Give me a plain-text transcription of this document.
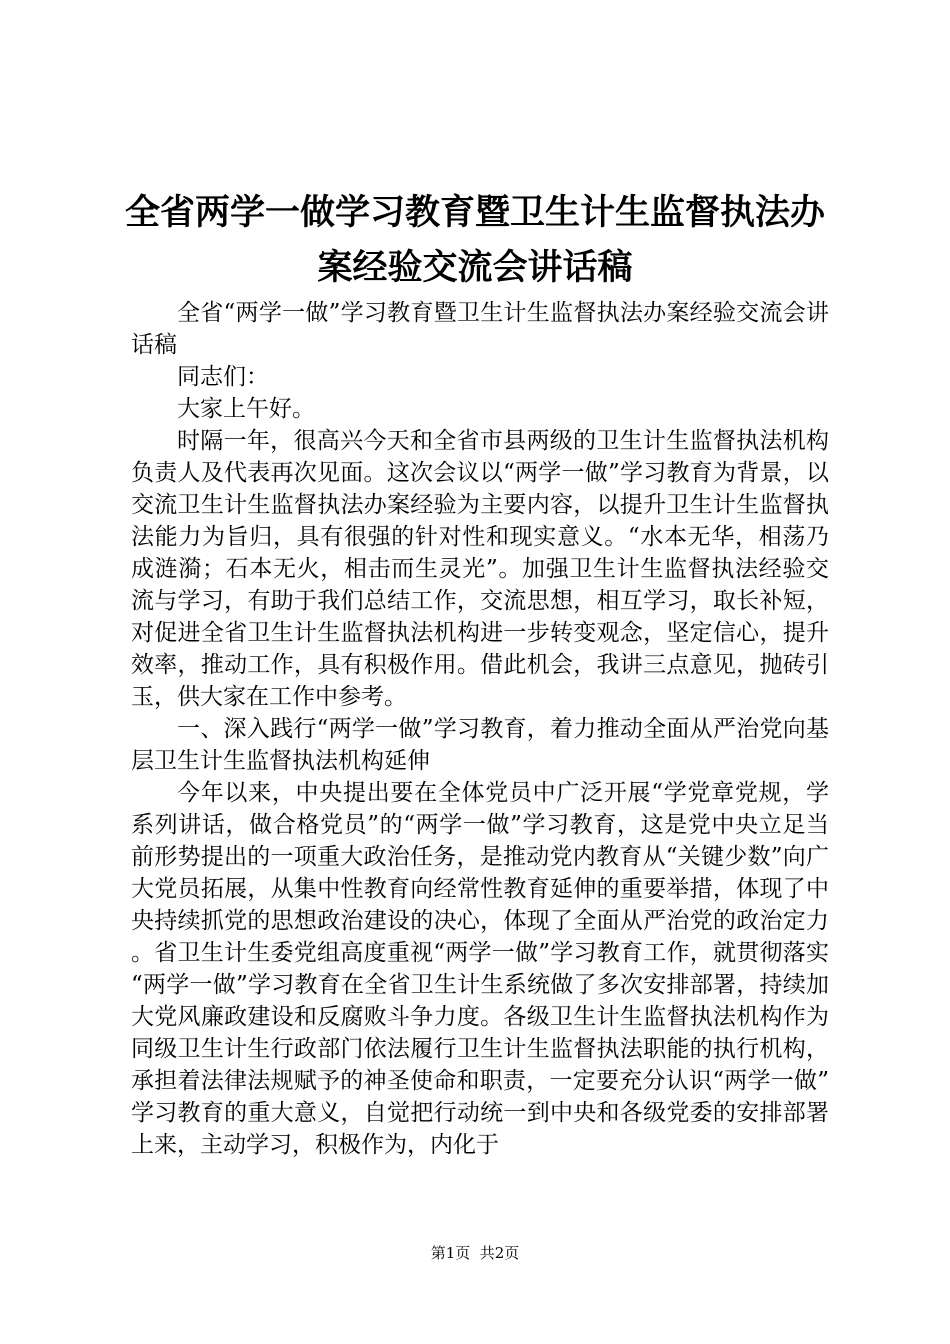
全省两学一做学习教育暨卫生计生监督执法办
案经验交流会讲话稿

全省“两学一做”学习教育暨卫生计生监督执法办案经验交流会讲话稿

同志们：

大家上午好。

时隔一年，很高兴今天和全省市县两级的卫生计生监督执法机构负责人及代表再次见面。这次会议以“两学一做”学习教育为背景，以交流卫生计生监督执法办案经验为主要内容，以提升卫生计生监督执法能力为旨归，具有很强的针对性和现实意义。“水本无华，相荡乃成涟漪；石本无火，相击而生灵光”。加强卫生计生监督执法经验交流与学习，有助于我们总结工作，交流思想，相互学习，取长补短，对促进全省卫生计生监督执法机构进一步转变观念，坚定信心，提升效率，推动工作，具有积极作用。借此机会，我讲三点意见，抛砖引玉，供大家在工作中参考。

一、深入践行“两学一做”学习教育，着力推动全面从严治党向基层卫生计生监督执法机构延伸

今年以来，中央提出要在全体党员中广泛开展“学党章党规，学系列讲话，做合格党员”的“两学一做”学习教育，这是党中央立足当前形势提出的一项重大政治任务，是推动党内教育从“关键少数”向广大党员拓展，从集中性教育向经常性教育延伸的重要举措，体现了中央持续抓党的思想政治建设的决心，体现了全面从严治党的政治定力。省卫生计生委党组高度重视“两学一做”学习教育工作，就贯彻落实“两学一做”学习教育在全省卫生计生系统做了多次安排部署，持续加大党风廉政建设和反腐败斗争力度。各级卫生计生监督执法机构作为同级卫生计生行政部门依法履行卫生计生监督执法职能的执行机构，承担着法律法规赋予的神圣使命和职责，一定要充分认识“两学一做”学习教育的重大意义，自觉把行动统一到中央和各级党委的安排部署上来，主动学习，积极作为，内化于

第1页  共2页
